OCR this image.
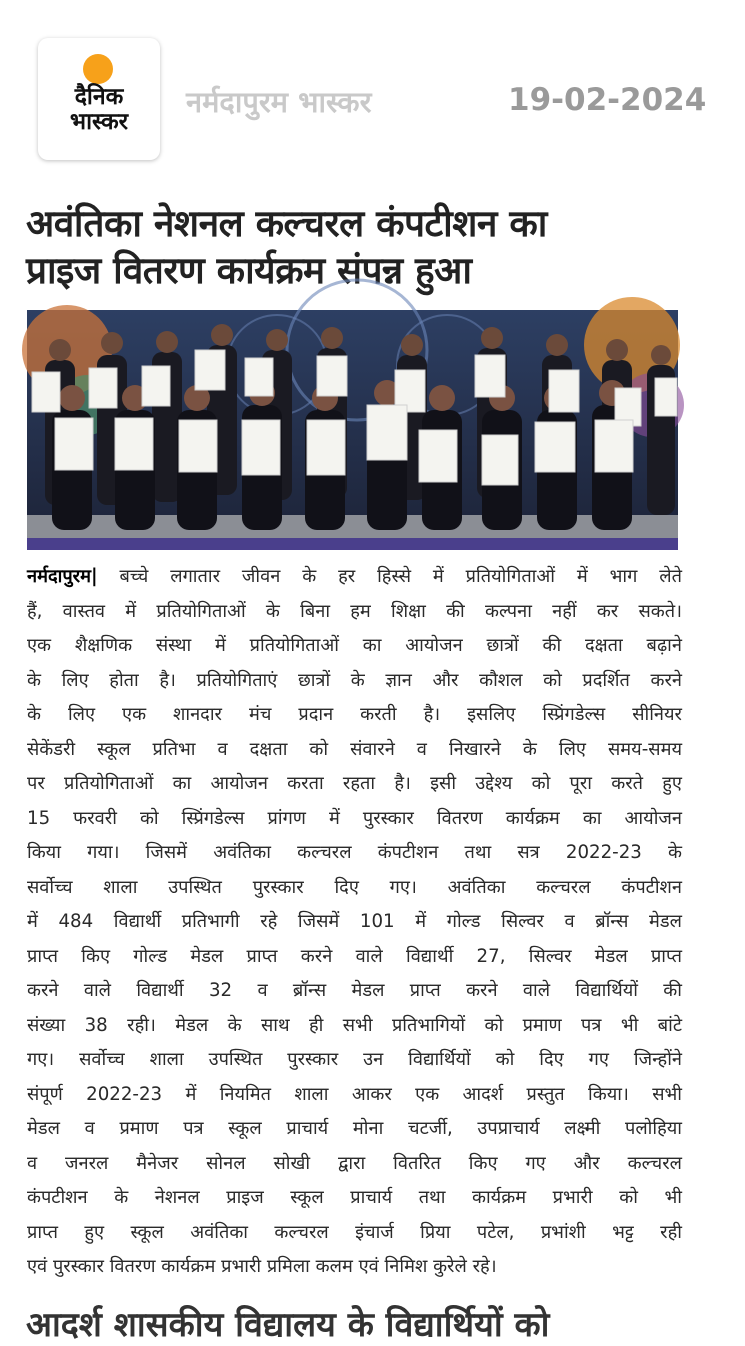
दैनिक
भास्कर
नर्मदापुरम भास्कर	19-02-2024
अवंतिका नेशनल कल्चरल कंपटीशन का
प्राइज वितरण कार्यक्रम संपन्न हुआ
नर्मदापुरम| बच्चे लगातार जीवन के हर हिस्से में प्रतियोगिताओं में भाग लेते
हैं, वास्तव में प्रतियोगिताओं के बिना हम शिक्षा की कल्पना नहीं कर सकते।
एक शैक्षणिक संस्था में प्रतियोगिताओं का आयोजन छात्रों की दक्षता बढ़ाने
के लिए होता है। प्रतियोगिताएं छात्रों के ज्ञान और कौशल को प्रदर्शित करने
के लिए एक शानदार मंच प्रदान करती है। इसलिए स्प्रिंगडेल्स सीनियर
सेकेंडरी स्कूल प्रतिभा व दक्षता को संवारने व निखारने के लिए समय-समय
पर प्रतियोगिताओं का आयोजन करता रहता है। इसी उद्देश्य को पूरा करते हुए
15 फरवरी को स्प्रिंगडेल्स प्रांगण में पुरस्कार वितरण कार्यक्रम का आयोजन
किया गया। जिसमें अवंतिका कल्चरल कंपटीशन तथा सत्र 2022-23 के
सर्वोच्च शाला उपस्थित पुरस्कार दिए गए। अवंतिका कल्चरल कंपटीशन
में 484 विद्यार्थी प्रतिभागी रहे जिसमें 101 में गोल्ड सिल्वर व ब्रॉन्स मेडल
प्राप्त किए गोल्ड मेडल प्राप्त करने वाले विद्यार्थी 27, सिल्वर मेडल प्राप्त
करने वाले विद्यार्थी 32 व ब्रॉन्स मेडल प्राप्त करने वाले विद्यार्थियों की
संख्या 38 रही। मेडल के साथ ही सभी प्रतिभागियों को प्रमाण पत्र भी बांटे
गए। सर्वोच्च शाला उपस्थित पुरस्कार उन विद्यार्थियों को दिए गए जिन्होंने
संपूर्ण 2022-23 में नियमित शाला आकर एक आदर्श प्रस्तुत किया। सभी
मेडल व प्रमाण पत्र स्कूल प्राचार्य मोना चटर्जी, उपप्राचार्य लक्ष्मी पलोहिया
व जनरल मैनेजर सोनल सोखी द्वारा वितरित किए गए और कल्चरल
कंपटीशन के नेशनल प्राइज स्कूल प्राचार्य तथा कार्यक्रम प्रभारी को भी
प्राप्त हुए स्कूल अवंतिका कल्चरल इंचार्ज प्रिया पटेल, प्रभांशी भट्ट रही
एवं पुरस्कार वितरण कार्यक्रम प्रभारी प्रमिला कलम एवं निमिश कुरेले रहे।
आदर्श शासकीय विद्यालय के विद्यार्थियों को
